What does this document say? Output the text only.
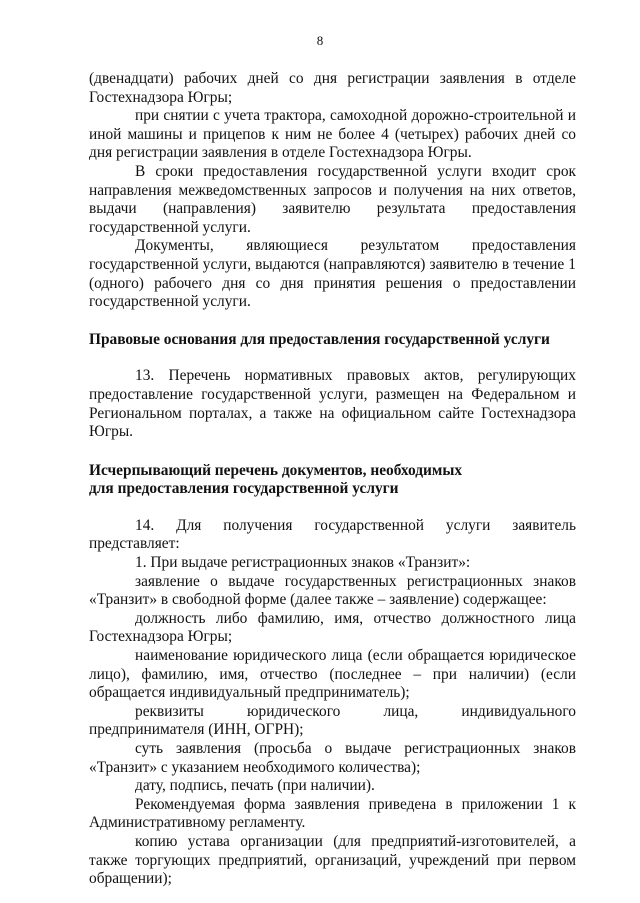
8

(двенадцати) рабочих дней со дня регистрации заявления в отделе Гостехнадзора Югры;

при снятии с учета трактора, самоходной дорожно-строительной и иной машины и прицепов к ним не более 4 (четырех) рабочих дней со дня регистрации заявления в отделе Гостехнадзора Югры.

В сроки предоставления государственной услуги входит срок направления межведомственных запросов и получения на них ответов, выдачи (направления) заявителю результата предоставления государственной услуги.

Документы, являющиеся результатом предоставления государственной услуги, выдаются (направляются) заявителю в течение 1 (одного) рабочего дня со дня принятия решения о предоставлении государственной услуги.

Правовые основания для предоставления государственной услуги

13. Перечень нормативных правовых актов, регулирующих предоставление государственной услуги, размещен на Федеральном и Региональном порталах, а также на официальном сайте Гостехнадзора Югры.

Исчерпывающий перечень документов, необходимых

для предоставления государственной услуги

14. Для получения государственной услуги заявитель представляет:

1. При выдаче регистрационных знаков «Транзит»:

заявление о выдаче государственных регистрационных знаков «Транзит» в свободной форме (далее также – заявление) содержащее:

должность либо фамилию, имя, отчество должностного лица Гостехнадзора Югры;

наименование юридического лица (если обращается юридическое лицо), фамилию, имя, отчество (последнее – при наличии) (если обращается индивидуальный предприниматель);

реквизиты юридического лица, индивидуального предпринимателя (ИНН, ОГРН);

суть заявления (просьба о выдаче регистрационных знаков «Транзит» с указанием необходимого количества);

дату, подпись, печать (при наличии).

Рекомендуемая форма заявления приведена в приложении 1 к Административному регламенту.

копию устава организации (для предприятий-изготовителей, а также торгующих предприятий, организаций, учреждений при первом обращении);
